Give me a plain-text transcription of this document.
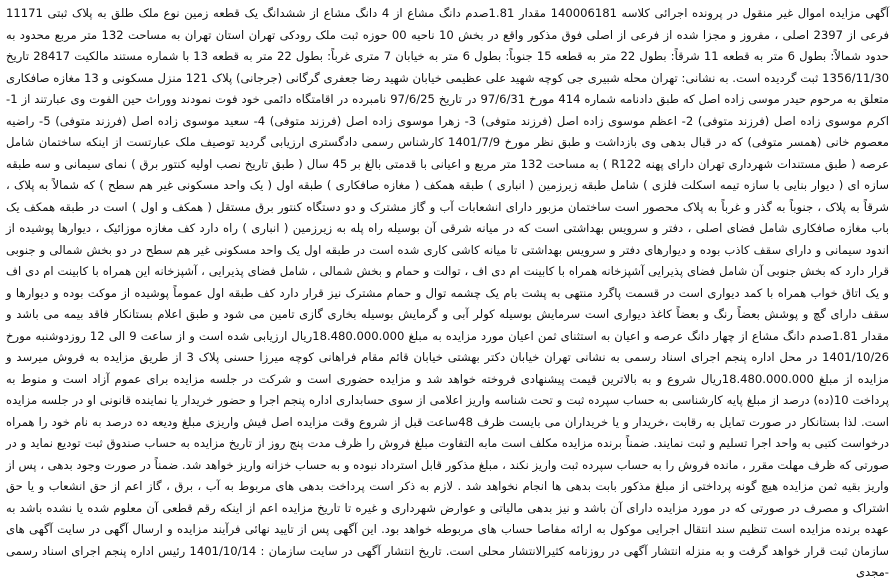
آگهی مزایده اموال غیر منقول در پرونده اجرائی کلاسه 140006181 مقدار 1.81صدم دانگ مشاع از 4 دانگ مشاع از ششدانگ یک قطعه زمین نوع ملک طلق به پلاک ثبتی 11171 فرعی از 2397 اصلی ، مفروز و مجزا شده از فرعی از اصلی فوق مذکور واقع در بخش 10 ناحیه 00 حوزه ثبت ملک رودکی تهران استان تهران به مساحت 132 متر مربع محدود به حدود شمالاً: بطول 6 متر به قطعه 11 شرقاً: بطول 22 متر به قطعه 15 جنوباً: بطول 6 متر به خیابان 7 متری غرباً: بطول 22 متر به قطعه 13 با شماره مستند مالکیت 28417 تاریخ 1356/11/30 ثبت گردیده است. به نشانی: تهران محله شبیری جی کوچه شهید علی عظیمی خیابان شهید رضا جعفری گرگانی (جرجانی) پلاک 121 منزل مسکونی و 13 مغازه صافکاری متعلق به مرحوم حیدر موسی زاده اصل که طبق دادنامه شماره 414 مورخ 97/6/31 در تاریخ 97/6/25 نامبرده در اقامتگاه دائمی خود فوت نمودند ووراث حین الفوت وی عبارتند از 1- اکرم موسوی زاده اصل (فرزند متوفی) 2- اعظم موسوی زاده اصل (فرزند متوفی) 3- زهرا موسوی زاده اصل (فرزند متوفی) 4- سعید موسوی زاده اصل (فرزند متوفی) 5- راضیه معصوم خانی (همسر متوفی) که در قبال بدهی وی بازداشت و طبق نظر مورخ 1401/7/9 کارشناس رسمی دادگستری ارزیابی گردید توصیف ملک عبارتست از اینکه ساختمان شامل عرصه ( طبق مستندات شهرداری تهران دارای پهنه R122 ) به مساحت 132 متر مربع و اعیانی با قدمتی بالغ بر 45 سال ( طبق تاریخ نصب اولیه کنتور برق ) نمای سیمانی و سه طبقه سازه ای ( دیوار بنایی با سازه تیمه اسکلت فلزی ) شامل طبقه زیرزمین ( انباری ) طبقه همکف ( مغازه صافکاری ) طبقه اول ( یک واحد مسکونی غیر هم سطح ) که شمالاً به پلاک ، شرقاً به پلاک ، جنوباً به گذر و غرباً به پلاک محصور است ساختمان مزبور دارای انشعابات آب و گاز مشترک و دو دستگاه کنتور برق مستقل ( همکف و اول ) است در طبقه همکف یک باب مغازه صافکاری شامل فضای اصلی ، دفتر و سرویس بهداشتی است که در میانه شرقی آن بوسیله راه پله به زیرزمین ( انباری ) راه دارد کف مغازه موزائیک ، دیوارها پوشیده از اندود سیمانی و دارای سقف کاذب بوده و دیوارهای دفتر و سرویس بهداشتی تا میانه کاشی کاری شده است در طبقه اول یک واحد مسکونی غیر هم سطح در دو بخش شمالی و جنوبی قرار دارد که بخش جنوبی آن شامل فضای پذیرایی آشپزخانه همراه با کابینت ام دی اف ، توالت و حمام و بخش شمالی ، شامل فضای پذیرایی ، آشپزخانه این همراه با کابینت ام دی اف و یک اتاق خواب همراه با کمد دیواری است در قسمت پاگرد منتهی به پشت بام یک چشمه توال و حمام مشترک نیز قرار دارد کف طبقه اول عموماً پوشیده از موکت بوده و دیوارها و سقف دارای گچ و پوشش بعضاً رنگ و بعضاً کاغذ دیواری است سرمایش بوسیله کولر آبی و گرمایش بوسیله بخاری گازی تامین می شود و طبق اعلام بستانکار فاقد بیمه می باشد و مقدار 1.81صدم دانگ مشاع از چهار دانگ عرصه و اعیان به استثنای ثمن اعیان مورد مزایده به مبلغ 18.480.000.000ریال ارزیابی شده است و از ساعت 9 الی 12 روزدوشنبه مورخ 1401/10/26 در محل اداره پنجم اجرای اسناد رسمی به نشانی تهران خیابان دکتر بهشتی خیابان قائم مقام فراهانی کوچه میرزا حسنی پلاک 3 از طریق مزایده به فروش میرسد و مزایده از مبلغ 18.480.000.000ریال شروع و به بالاترین قیمت پیشنهادی فروخته خواهد شد و مزایده حضوری است و شرکت در جلسه مزایده برای عموم آزاد است و منوط به پرداخت 10(ده) درصد از مبلغ پایه کارشناسی به حساب سپرده ثبت و تحت شناسه واریز اعلامی از سوی حسابداری اداره پنجم اجرا و حضور خریدار یا نماینده قانونی او در جلسه مزایده است. لذا بستانکار در صورت تمایل به رقابت ،خریدار و یا خریداران می بایست ظرف 48ساعت قبل از شروع وقت مزایده اصل فیش واریزی مبلغ ودیعه ده درصد به نام خود را همراه درخواست کتبی به واحد اجرا تسلیم و ثبت نمایند. ضمناً برنده مزایده مکلف است مابه التفاوت مبلغ فروش را ظرف مدت پنج روز از تاریخ مزایده به حساب صندوق ثبت تودیع نماید و در صورتی که ظرف مهلت مقرر ، مانده فروش را به حساب سپرده ثبت واریز نکند ، مبلغ مذکور قابل استرداد نبوده و به حساب خزانه واریز خواهد شد. ضمناً در صورت وجود بدهی ، پس از واریز بقیه ثمن مزایده هیچ گونه پرداختی از مبلغ مذکور بابت بدهی ها انجام نخواهد شد . لازم به ذکر است پرداخت بدهی های مربوط به آب ، برق ، گاز اعم از حق انشعاب و یا حق اشتراک و مصرف در صورتی که در مورد مزایده دارای آن باشد و نیز بدهی مالیاتی و عوارض شهرداری و غیره تا تاریخ مزایده اعم از اینکه رقم قطعی آن معلوم شده یا نشده باشد به عهده برنده مزایده است تنظیم سند انتقال اجرایی موکول به ارائه مفاصا حساب های مربوطه خواهد بود. این آگهی پس از تایید نهائی فرآیند مزایده و ارسال آگهی در سایت آگهی های سازمان ثبت قرار خواهد گرفت و به منزله انتشار آگهی در روزنامه کثیرالانتشار محلی است. تاریخ انتشار آگهی در سایت سازمان : 1401/10/14 رئیس اداره پنجم اجرای اسناد رسمی -مجدی
